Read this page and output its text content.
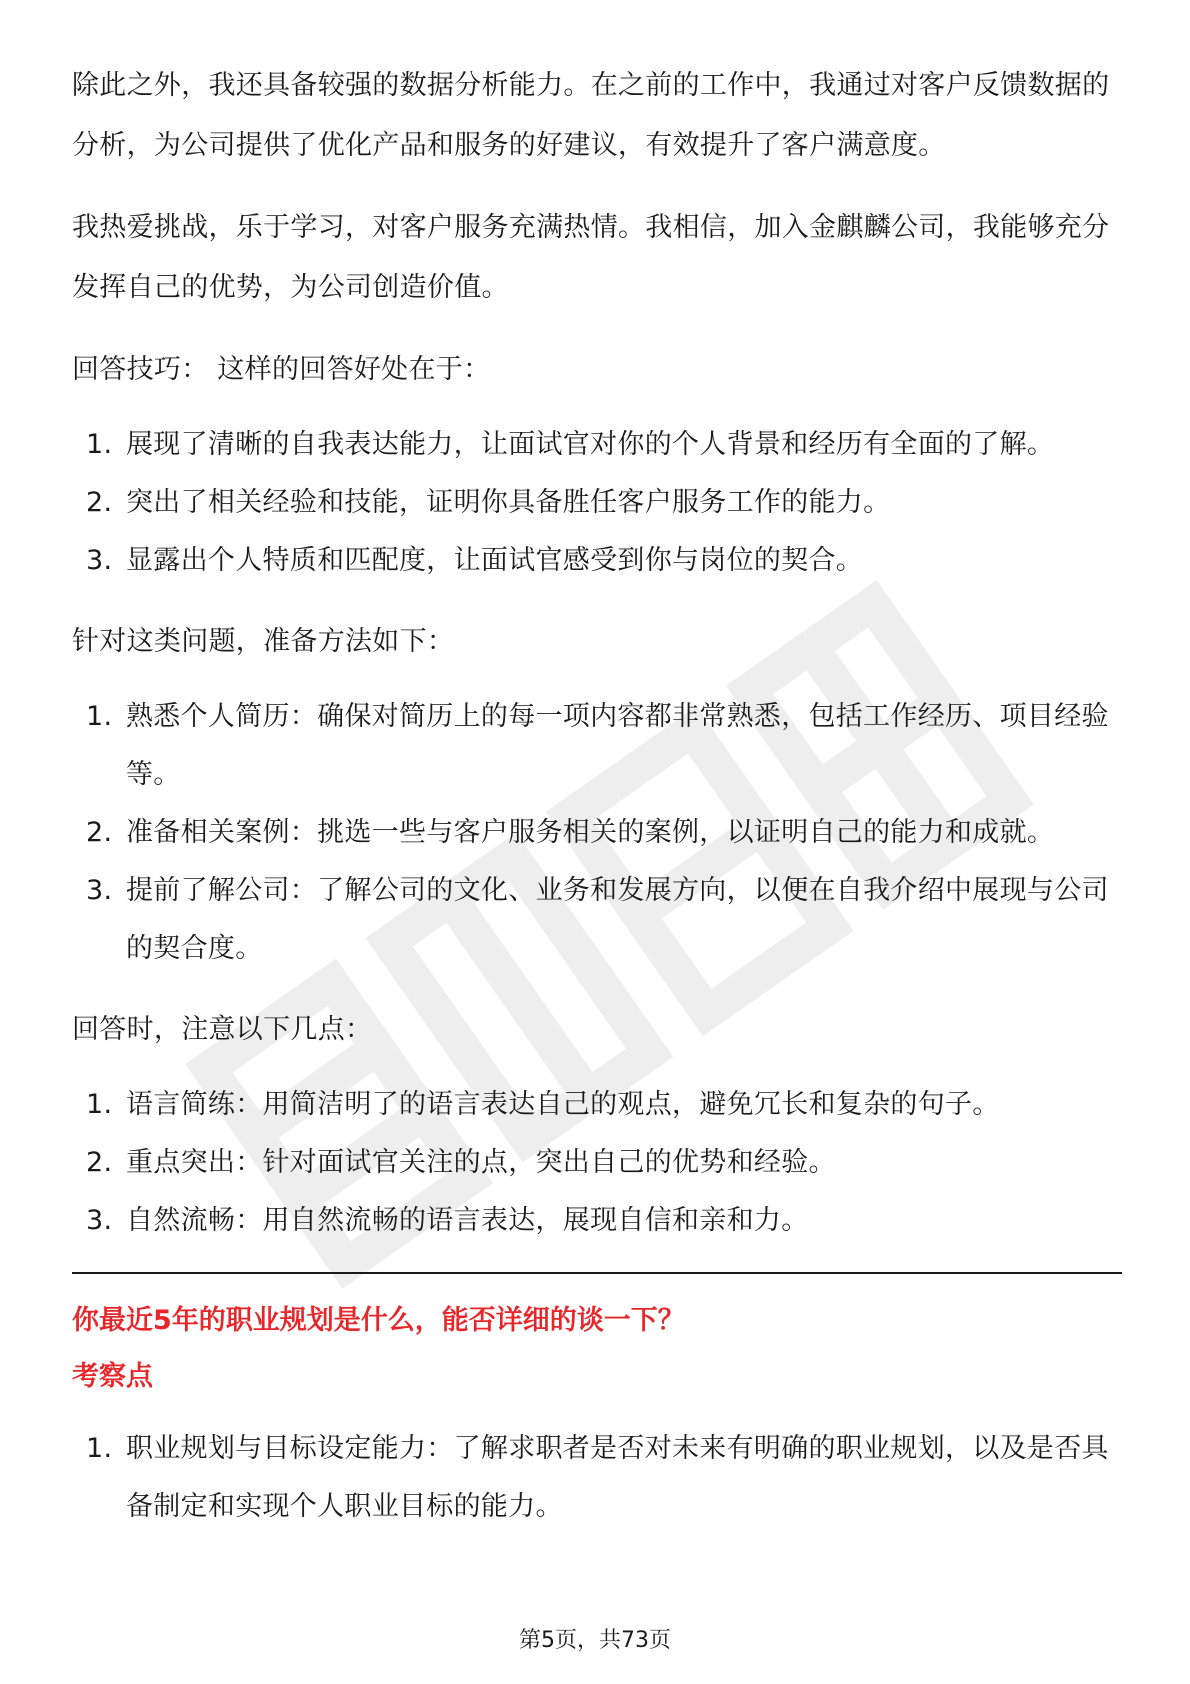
除此之外，我还具备较强的数据分析能力。在之前的工作中，我通过对客户反馈数据的分析，为公司提供了优化产品和服务的好建议，有效提升了客户满意度。

我热爱挑战，乐于学习，对客户服务充满热情。我相信，加入金麒麟公司，我能够充分发挥自己的优势，为公司创造价值。

回答技巧： 这样的回答好处在于：

1. 展现了清晰的自我表达能力，让面试官对你的个人背景和经历有全面的了解。
2. 突出了相关经验和技能，证明你具备胜任客户服务工作的能力。
3. 显露出个人特质和匹配度，让面试官感受到你与岗位的契合。

针对这类问题，准备方法如下：

1. 熟悉个人简历：确保对简历上的每一项内容都非常熟悉，包括工作经历、项目经验等。
2. 准备相关案例：挑选一些与客户服务相关的案例，以证明自己的能力和成就。
3. 提前了解公司：了解公司的文化、业务和发展方向，以便在自我介绍中展现与公司的契合度。

回答时，注意以下几点：

1. 语言简练：用简洁明了的语言表达自己的观点，避免冗长和复杂的句子。
2. 重点突出：针对面试官关注的点，突出自己的优势和经验。
3. 自然流畅：用自然流畅的语言表达，展现自信和亲和力。
你最近5年的职业规划是什么，能否详细的谈一下？
考察点
1. 职业规划与目标设定能力：了解求职者是否对未来有明确的职业规划，以及是否具备制定和实现个人职业目标的能力。
第5页，共73页
